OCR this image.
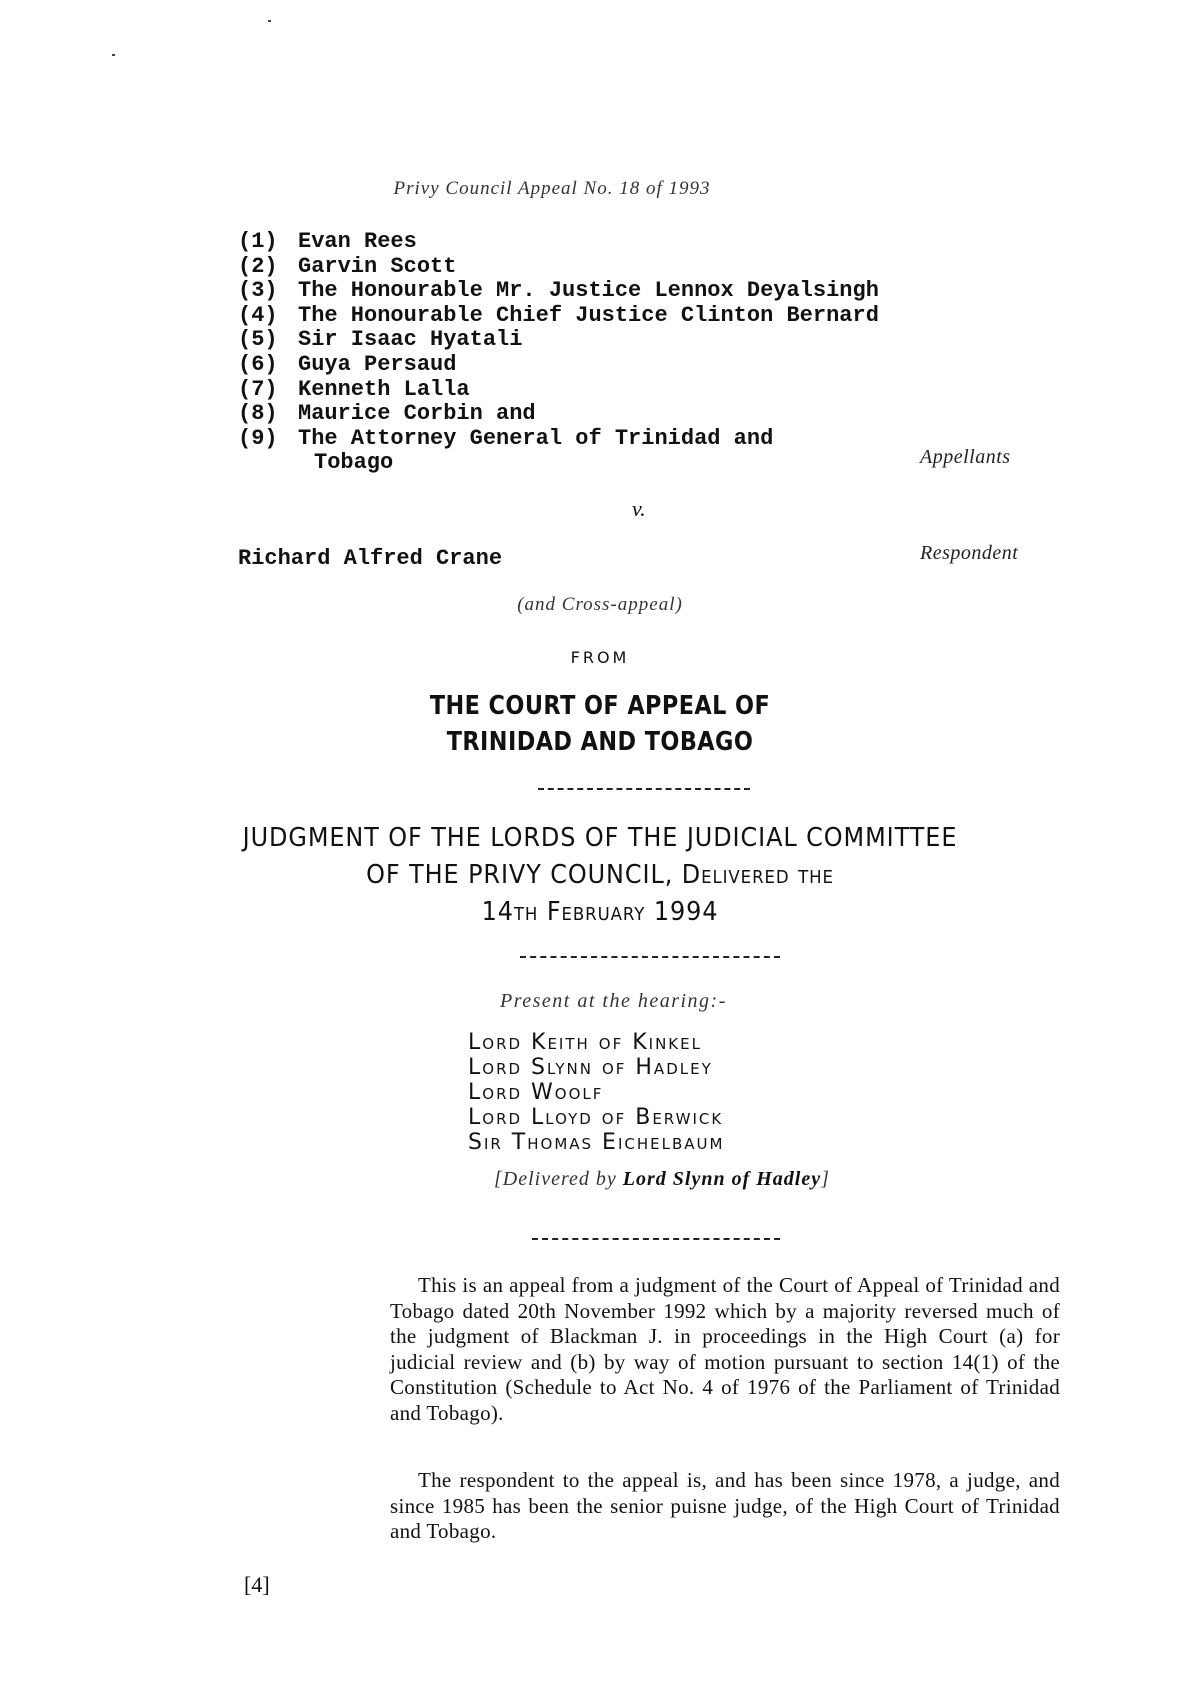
Privy Council Appeal No. 18 of 1993
(1) Evan Rees
(2) Garvin Scott
(3) The Honourable Mr. Justice Lennox Deyalsingh
(4) The Honourable Chief Justice Clinton Bernard
(5) Sir Isaac Hyatali
(6) Guya Persaud
(7) Kenneth Lalla
(8) Maurice Corbin and
(9) The Attorney General of Trinidad and
Tobago	Appellants
v.
Richard Alfred Crane	Respondent
(and Cross-appeal)
FROM
THE COURT OF APPEAL OF
TRINIDAD AND TOBAGO
JUDGMENT OF THE LORDS OF THE JUDICIAL COMMITTEE
OF THE PRIVY COUNCIL, Delivered the
14th February 1994
Present at the hearing:-
Lord Keith of Kinkel
Lord Slynn of Hadley
Lord Woolf
Lord Lloyd of Berwick
Sir Thomas Eichelbaum
[Delivered by Lord Slynn of Hadley]
This is an appeal from a judgment of the Court of Appeal of Trinidad and Tobago dated 20th November 1992 which by a majority reversed much of the judgment of Blackman J. in proceedings in the High Court (a) for judicial review and (b) by way of motion pursuant to section 14(1) of the Constitution (Schedule to Act No. 4 of 1976 of the Parliament of Trinidad and Tobago).
The respondent to the appeal is, and has been since 1978, a judge, and since 1985 has been the senior puisne judge, of the High Court of Trinidad and Tobago.
[4]
